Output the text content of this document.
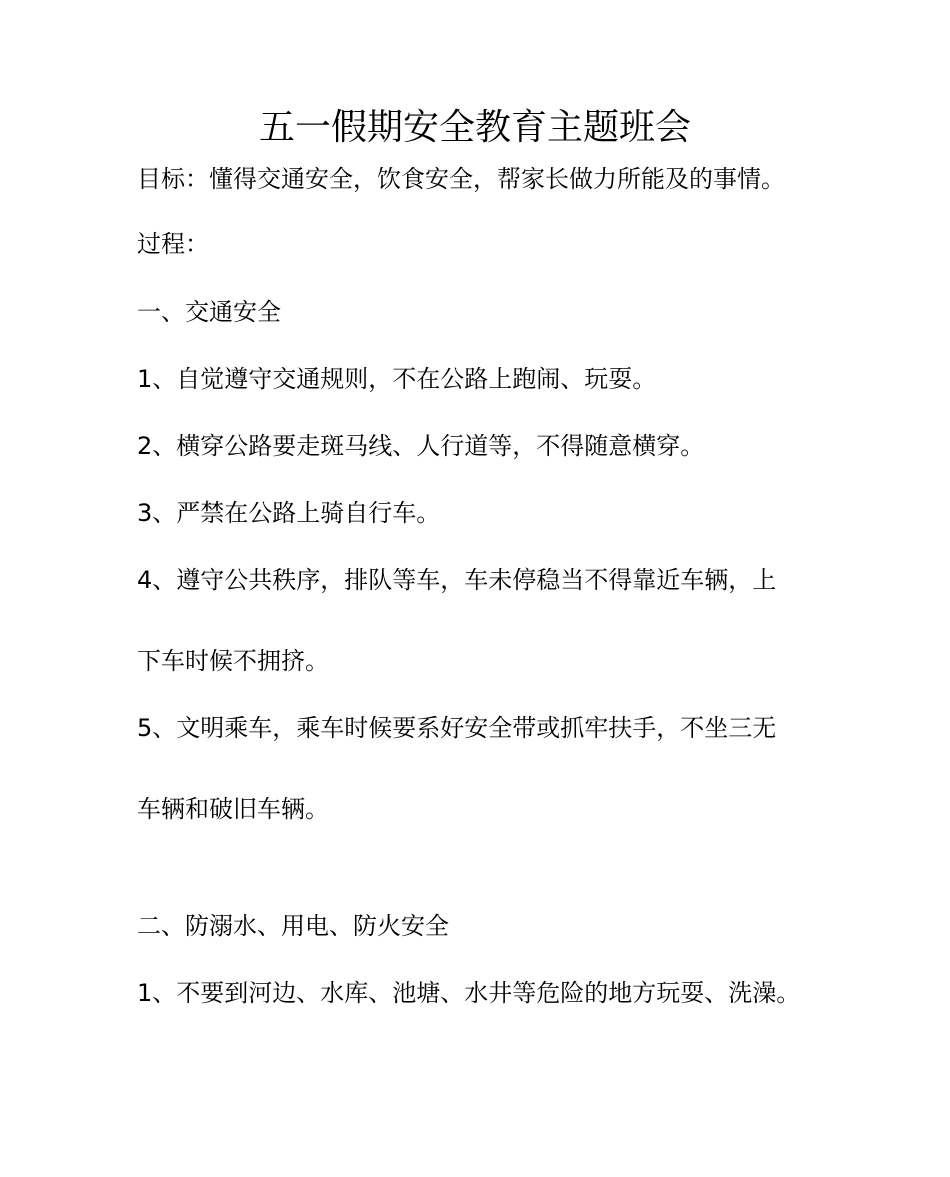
五一假期安全教育主题班会
目标：懂得交通安全，饮食安全，帮家长做力所能及的事情。
过程：
一、交通安全
1、自觉遵守交通规则，不在公路上跑闹、玩耍。
2、横穿公路要走斑马线、人行道等，不得随意横穿。
3、严禁在公路上骑自行车。
4、遵守公共秩序，排队等车，车未停稳当不得靠近车辆，上
下车时候不拥挤。
5、文明乘车，乘车时候要系好安全带或抓牢扶手，不坐三无
车辆和破旧车辆。
二、防溺水、用电、防火安全
1、不要到河边、水库、池塘、水井等危险的地方玩耍、洗澡。
